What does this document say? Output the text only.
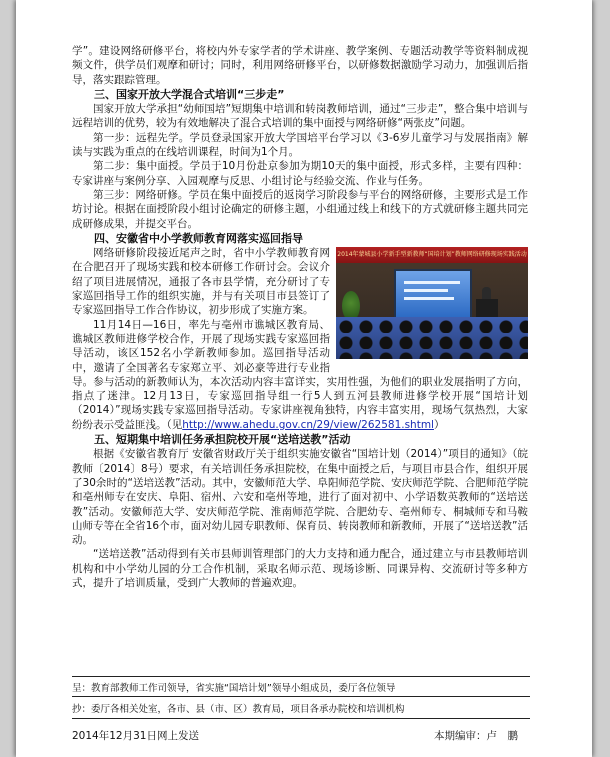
学”。建设网络研修平台，将校内外专家学者的学术讲座、教学案例、专题活动教学等资料制成视频文件，供学员们观摩和研讨；同时，利用网络研修平台，以研修数据激励学习动力，加强训后指导，落实跟踪管理。

三、国家开放大学混合式培训“三步走”

国家开放大学承担“幼师国培”短期集中培训和转岗教师培训，通过“三步走”，整合集中培训与远程培训的优势，较为有效地解决了混合式培训的集中面授与网络研修“两张皮”问题。

第一步：远程先学。学员登录国家开放大学国培平台学习以《3-6岁儿童学习与发展指南》解读与实践为重点的在线培训课程，时间为1个月。

第二步：集中面授。学员于10月份赴京参加为期10天的集中面授，形式多样，主要有四种：专家讲座与案例分享、入园观摩与反思、小组讨论与经验交流、作业与任务。

第三步：网络研修。学员在集中面授后的返岗学习阶段参与平台的网络研修，主要形式是工作坊讨论。根据在面授阶段小组讨论确定的研修主题，小组通过线上和线下的方式就研修主题共同完成研修成果，并提交平台。

四、安徽省中小学教师教育网落实巡回指导
2014年蒙城县小学新手型新教师“国培计划”教师网络研修现场实践活动

网络研修阶段接近尾声之时，省中小学教师教育网在合肥召开了现场实践和校本研修工作研讨会。会议介绍了项目进展情况，通报了各市县学情，充分研讨了专家巡回指导工作的组织实施，并与有关项目市县签订了专家巡回指导工作合作协议，初步形成了实施方案。

11月14日—16日，率先与亳州市谯城区教育局、谯城区教师进修学校合作，开展了现场实践专家巡回指导活动，该区152名小学新教师参加。巡回指导活动中，邀请了全国著名专家郑立平、刘必豪等进行专业指导。参与活动的新教师认为，本次活动内容丰富详实，实用性强，为他们的职业发展指明了方向，指点了迷津。12月13日，专家巡回指导组一行5人到五河县教师进修学校开展“国培计划（2014）”现场实践专家巡回指导活动。专家讲座视角独特，内容丰富实用，现场气氛热烈，大家纷纷表示受益匪浅。（见http://www.ahedu.gov.cn/29/view/262581.shtml）

五、短期集中培训任务承担院校开展“送培送教”活动

根据《安徽省教育厅 安徽省财政厅关于组织实施安徽省“国培计划（2014）”项目的通知》（皖教师〔2014〕8号）要求，有关培训任务承担院校，在集中面授之后，与项目市县合作，组织开展了30余时的“送培送教”活动。其中，安徽师范大学、阜阳师范学院、安庆师范学院、合肥师范学院和亳州师专在安庆、阜阳、宿州、六安和亳州等地，进行了面对初中、小学语数英教师的“送培送教”活动。安徽师范大学、安庆师范学院、淮南师范学院、合肥幼专、亳州师专、桐城师专和马鞍山师专等在全省16个市，面对幼儿园专职教师、保育员、转岗教师和新教师，开展了“送培送教”活动。

“送培送教”活动得到有关市县师训管理部门的大力支持和通力配合，通过建立与市县教师培训机构和中小学幼儿园的分工合作机制，采取名师示范、现场诊断、同课异构、交流研讨等多种方式，提升了培训质量，受到广大教师的普遍欢迎。

呈：教育部教师工作司领导，省实施“国培计划”领导小组成员，委厅各位领导
抄：委厅各相关处室，各市、县（市、区）教育局，项目各承办院校和培训机构
2014年12月31日网上发送	本期编审：卢　鹏
